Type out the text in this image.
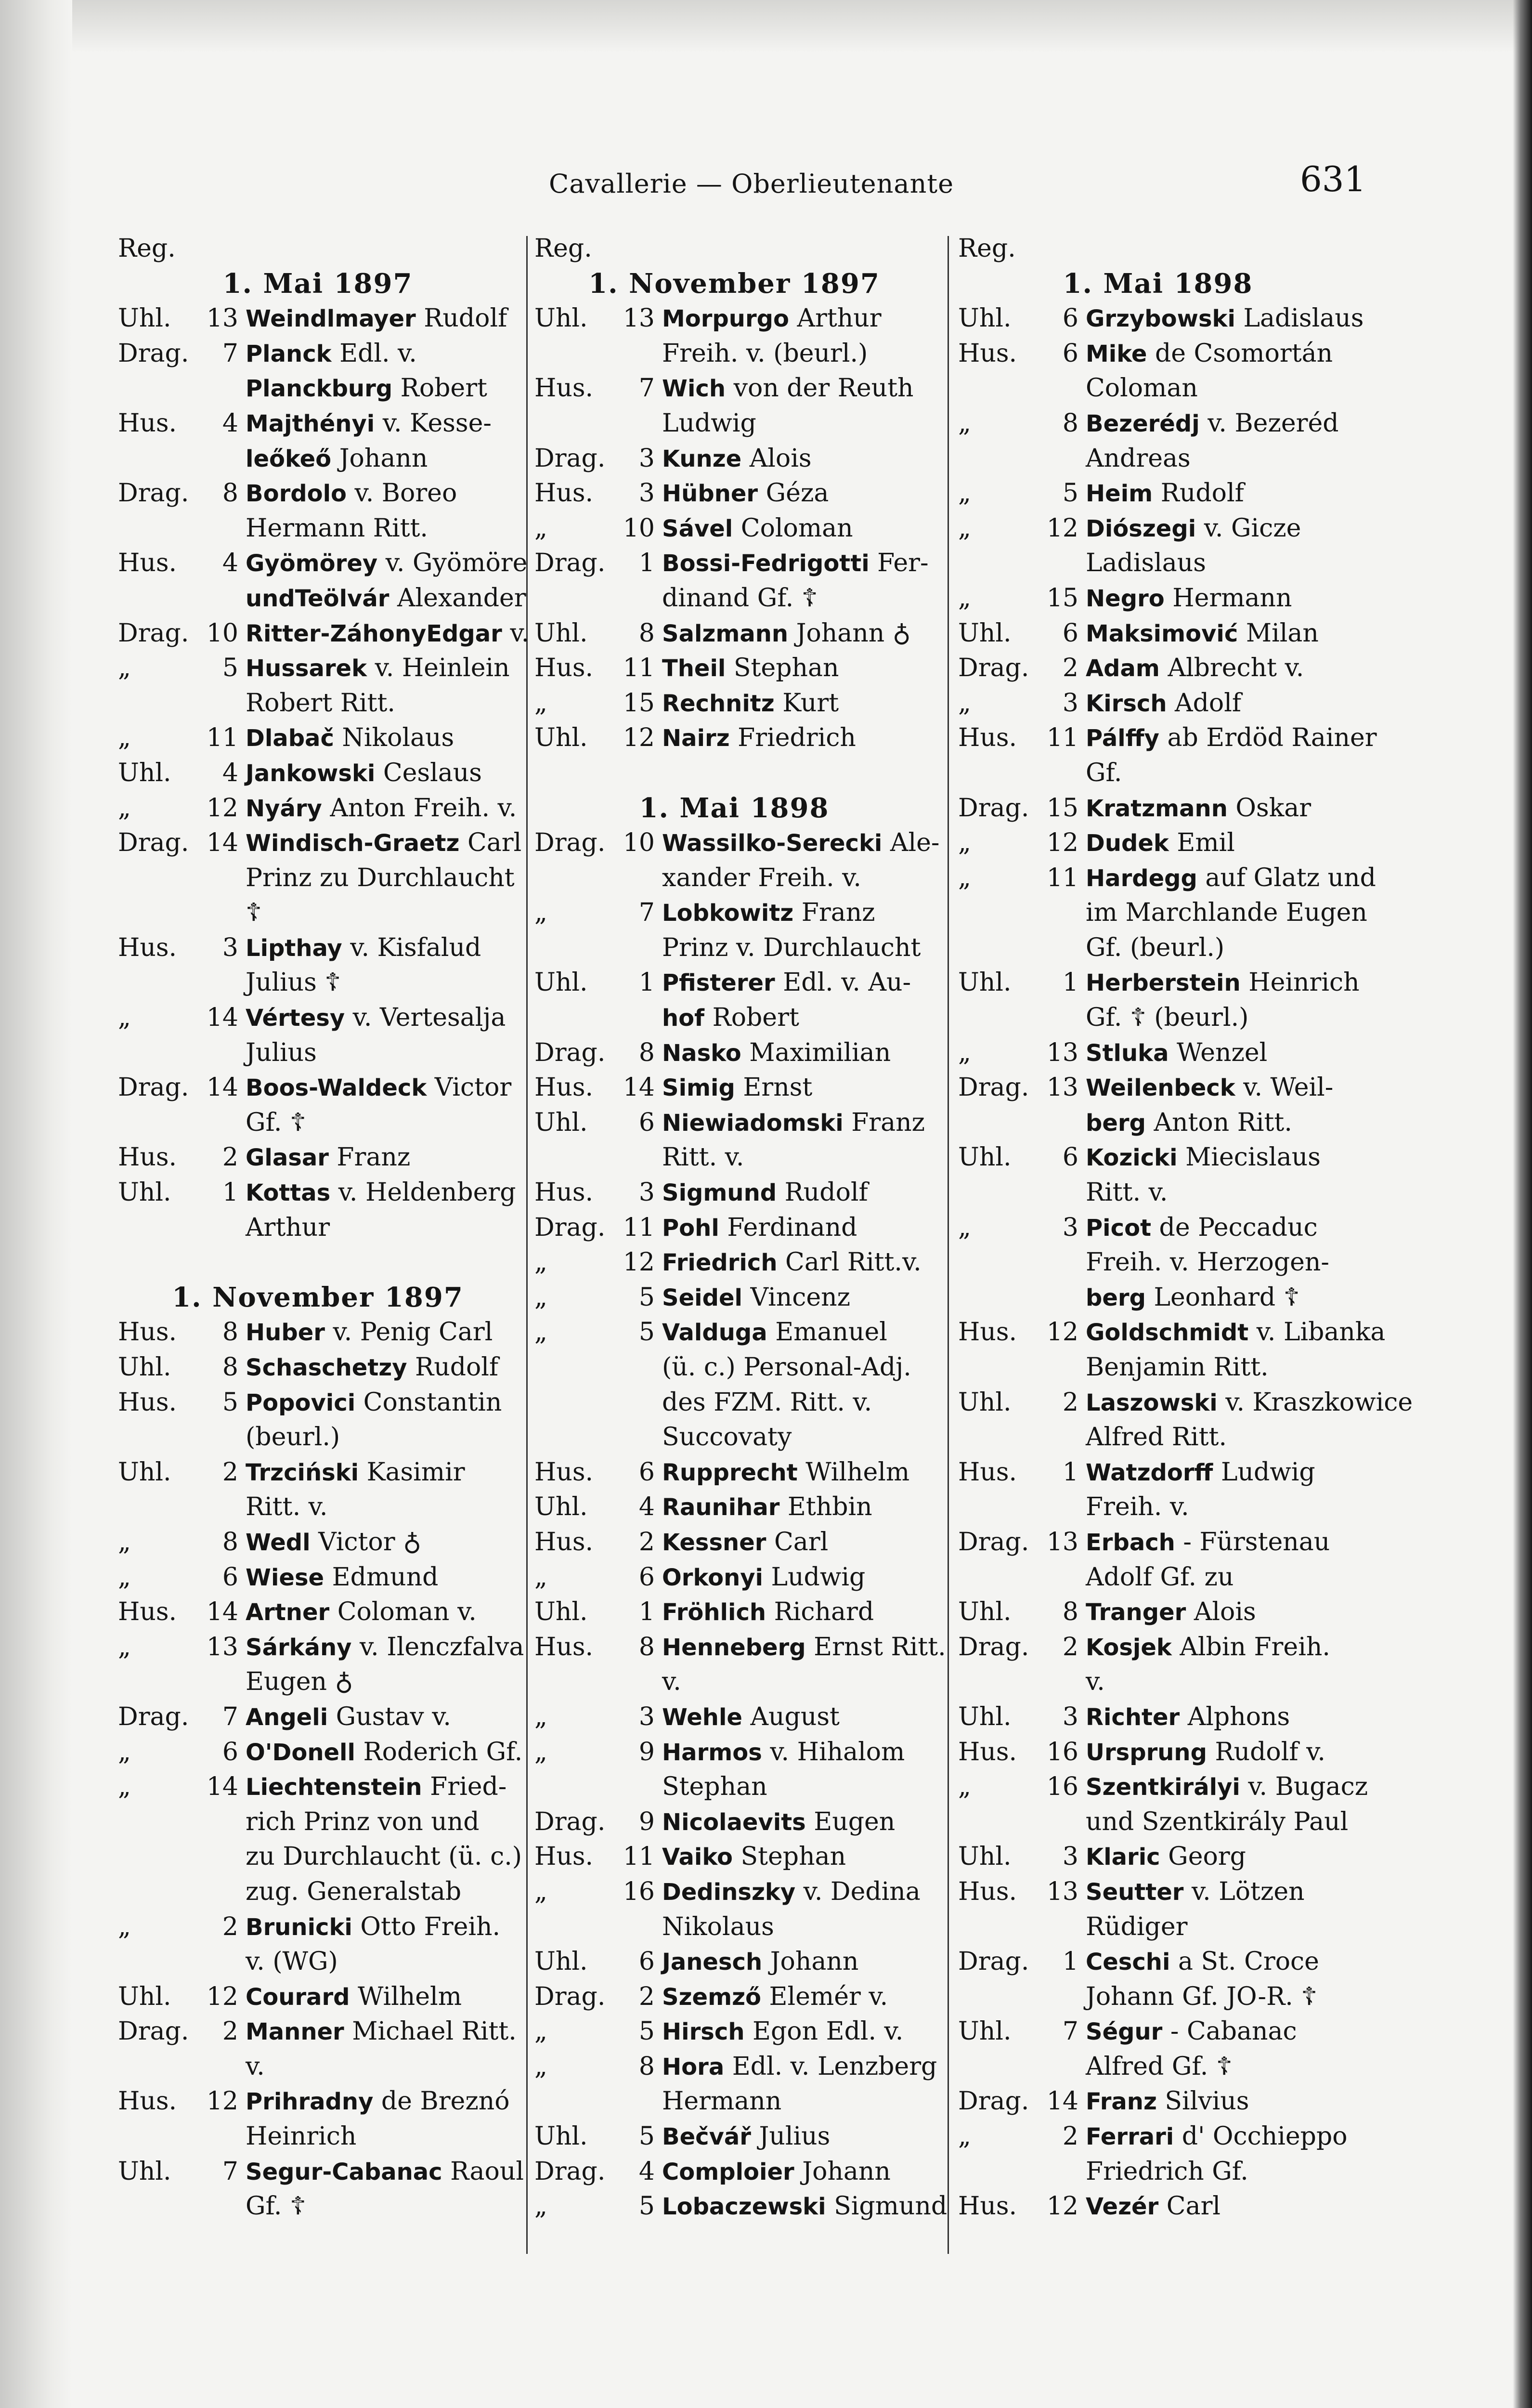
Cavallerie — Oberlieutenante	631
Reg.
1. Mai 1897
Uhl.	13 Weindlmayer Rudolf
Drag.	7 Planck Edl. v.
Planckburg Robert
Hus.	4 Majthényi v. Kesse-
leőkeő Johann
Drag.	8 Bordolo v. Boreo
Hermann Ritt.
Hus.	4 Gyömörey v. Gyömöre
undTeölvár Alexander
Drag. 10 Ritter-ZáhonyEdgar v.
„	5 Hussarek v. Heinlein
Robert Ritt.
„	11 Dlabač Nikolaus
Uhl.	4 Jankowski Ceslaus
„	12 Nyáry Anton Freih. v.
Drag. 14 Windisch-Graetz Carl
Prinz zu Durchlaucht
☦
Hus.	3 Lipthay v. Kisfalud
Julius ☦
„	14 Vértesy v. Vertesalja
Julius
Drag. 14 Boos-Waldeck Victor
Gf. ☦
Hus.	2 Glasar Franz
Uhl.	1 Kottas v. Heldenberg
Arthur
1. November 1897
Hus.	8 Huber v. Penig Carl
Uhl.	8 Schaschetzy Rudolf
Hus.	5 Popovici Constantin
(beurl.)
Uhl.	2 Trzciński Kasimir
Ritt. v.
„	8 Wedl Victor ♁
„	6 Wiese Edmund
Hus.	14 Artner Coloman v.
„	13 Sárkány v. Ilenczfalva
Eugen ♁
Drag.	7 Angeli Gustav v.
„	6 O'Donell Roderich Gf.
„	14 Liechtenstein Fried-
rich Prinz von und
zu Durchlaucht (ü. c.)
zug. Generalstab
„	2 Brunicki Otto Freih.
v. (WG)
Uhl.	12 Courard Wilhelm
Drag.	2 Manner Michael Ritt.
v.
Hus.	12 Prihradny de Breznó
Heinrich
Uhl.	7 Segur-Cabanac Raoul
Gf. ☦
Reg.
1. November 1897
Uhl.	13 Morpurgo Arthur
Freih. v. (beurl.)
Hus.	7 Wich von der Reuth
Ludwig
Drag.	3 Kunze Alois
Hus.	3 Hübner Géza
„	10 Sável Coloman
Drag.	1 Bossi-Fedrigotti Fer-
dinand Gf. ☦
Uhl.	8 Salzmann Johann ♁
Hus.	11 Theil Stephan
„	15 Rechnitz Kurt
Uhl.	12 Nairz Friedrich
1. Mai 1898
Drag. 10 Wassilko-Serecki Ale-
xander Freih. v.
„	7 Lobkowitz Franz
Prinz v. Durchlaucht
Uhl.	1 Pfisterer Edl. v. Au-
hof Robert
Drag.	8 Nasko Maximilian
Hus.	14 Simig Ernst
Uhl.	6 Niewiadomski Franz
Ritt. v.
Hus.	3 Sigmund Rudolf
Drag. 11 Pohl Ferdinand
„	12 Friedrich Carl Ritt.v.
„	5 Seidel Vincenz
„	5 Valduga Emanuel
(ü. c.) Personal-Adj.
des FZM. Ritt. v.
Succovaty
Hus.	6 Rupprecht Wilhelm
Uhl.	4 Raunihar Ethbin
Hus.	2 Kessner Carl
„	6 Orkonyi Ludwig
Uhl.	1 Fröhlich Richard
Hus.	8 Henneberg Ernst Ritt.
v.
„	3 Wehle August
„	9 Harmos v. Hihalom
Stephan
Drag.	9 Nicolaevits Eugen
Hus.	11 Vaiko Stephan
„	16 Dedinszky v. Dedina
Nikolaus
Uhl.	6 Janesch Johann
Drag.	2 Szemző Elemér v.
„	5 Hirsch Egon Edl. v.
„	8 Hora Edl. v. Lenzberg
Hermann
Uhl.	5 Bečvář Julius
Drag.	4 Comploier Johann
„	5 Lobaczewski Sigmund
Reg.
1. Mai 1898
Uhl.	6 Grzybowski Ladislaus
Hus.	6 Mike de Csomortán
Coloman
„	8 Bezerédj v. Bezeréd
Andreas
„	5 Heim Rudolf
„	12 Diószegi v. Gicze
Ladislaus
„	15 Negro Hermann
Uhl.	6 Maksimović Milan
Drag.	2 Adam Albrecht v.
„	3 Kirsch Adolf
Hus.	11 Pálffy ab Erdöd Rainer
Gf.
Drag. 15 Kratzmann Oskar
„	12 Dudek Emil
„	11 Hardegg auf Glatz und
im Marchlande Eugen
Gf. (beurl.)
Uhl.	1 Herberstein Heinrich
Gf. ☦ (beurl.)
„	13 Stluka Wenzel
Drag. 13 Weilenbeck v. Weil-
berg Anton Ritt.
Uhl.	6 Kozicki Miecislaus
Ritt. v.
„	3 Picot de Peccaduc
Freih. v. Herzogen-
berg Leonhard ☦
Hus.	12 Goldschmidt v. Libanka
Benjamin Ritt.
Uhl.	2 Laszowski v. Kraszkowice
Alfred Ritt.
Hus.	1 Watzdorff Ludwig
Freih. v.
Drag. 13 Erbach - Fürstenau
Adolf Gf. zu
Uhl.	8 Tranger Alois
Drag.	2 Kosjek Albin Freih.
v.
Uhl.	3 Richter Alphons
Hus.	16 Ursprung Rudolf v.
„	16 Szentkirályi v. Bugacz
und Szentkirály Paul
Uhl.	3 Klaric Georg
Hus.	13 Seutter v. Lötzen
Rüdiger
Drag.	1 Ceschi a St. Croce
Johann Gf. JO-R. ☦
Uhl.	7 Ségur - Cabanac
Alfred Gf. ☦
Drag. 14 Franz Silvius
„	2 Ferrari d' Occhieppo
Friedrich Gf.
Hus.	12 Vezér Carl
